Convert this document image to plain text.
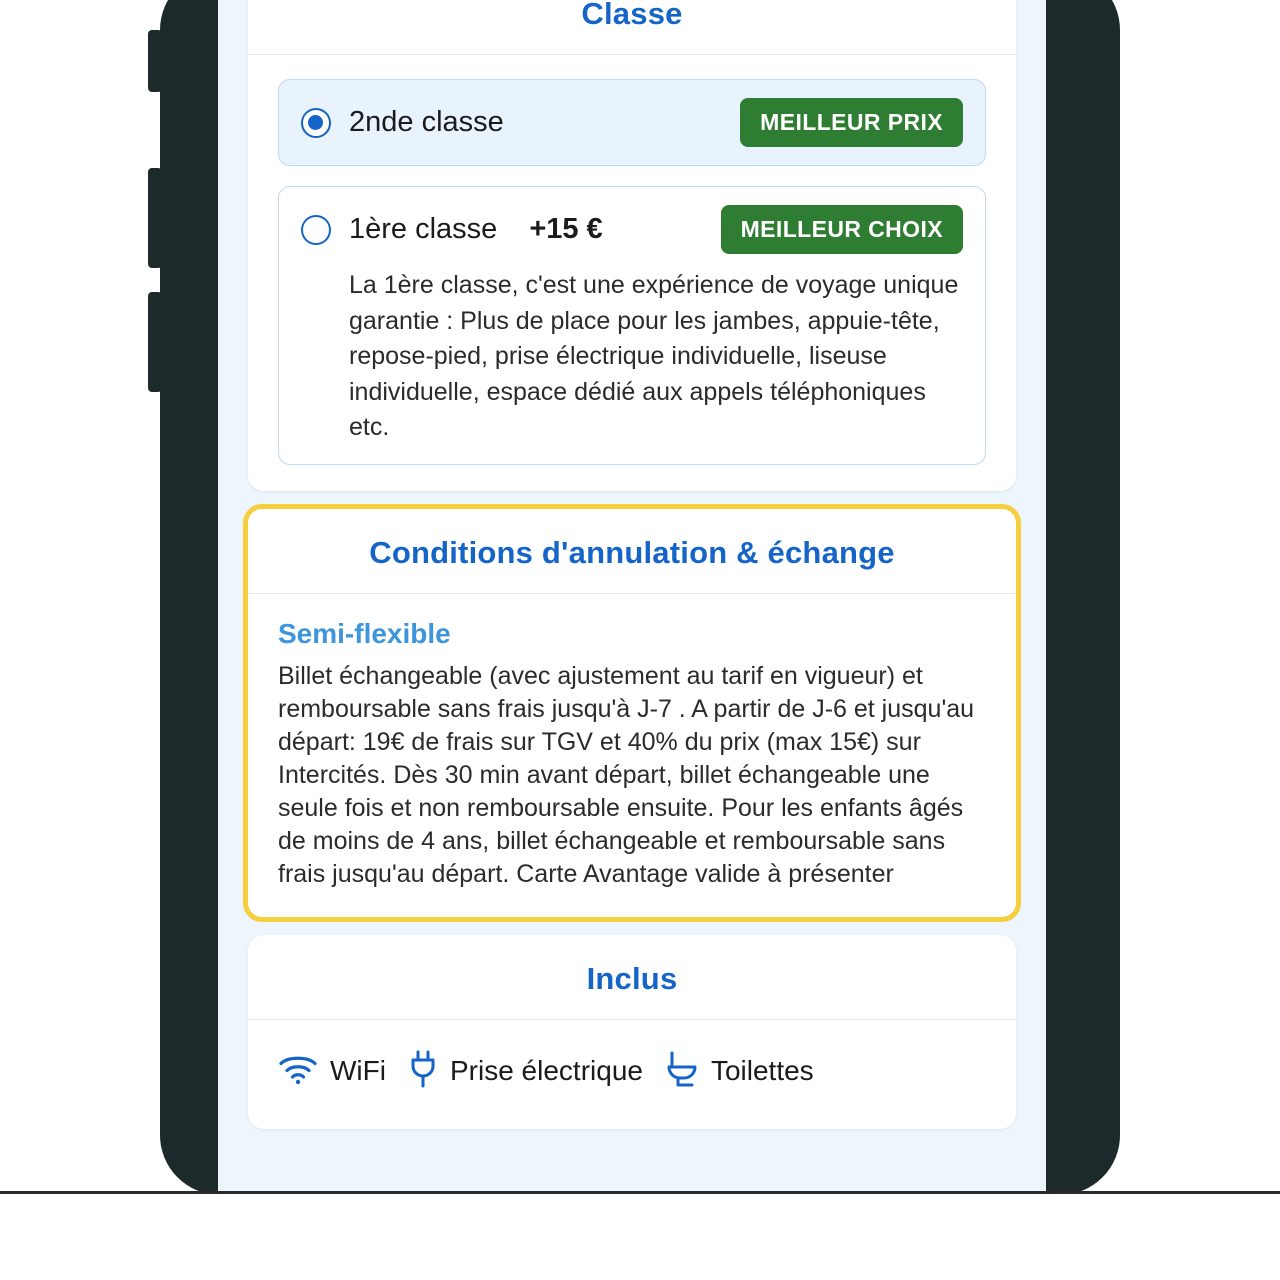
Classe
2nde classe	MEILLEUR PRIX
1ère classe +15 €	MEILLEUR CHOIX

La 1ère classe, c'est une expérience de voyage unique garantie : Plus de place pour les jambes, appuie-tête, repose-pied, prise électrique individuelle, liseuse individuelle, espace dédié aux appels téléphoniques etc.

Conditions d'annulation & échange
Semi-flexible

Billet échangeable (avec ajustement au tarif en vigueur) et remboursable sans frais jusqu'à J-7 . A partir de J-6 et jusqu'au départ: 19€ de frais sur TGV et 40% du prix (max 15€) sur Intercités. Dès 30 min avant départ, billet échangeable une seule fois et non remboursable ensuite. Pour les enfants âgés de moins de 4 ans, billet échangeable et remboursable sans frais jusqu'au départ. Carte Avantage valide à présenter

Inclus
WiFi Prise électrique Toilettes
